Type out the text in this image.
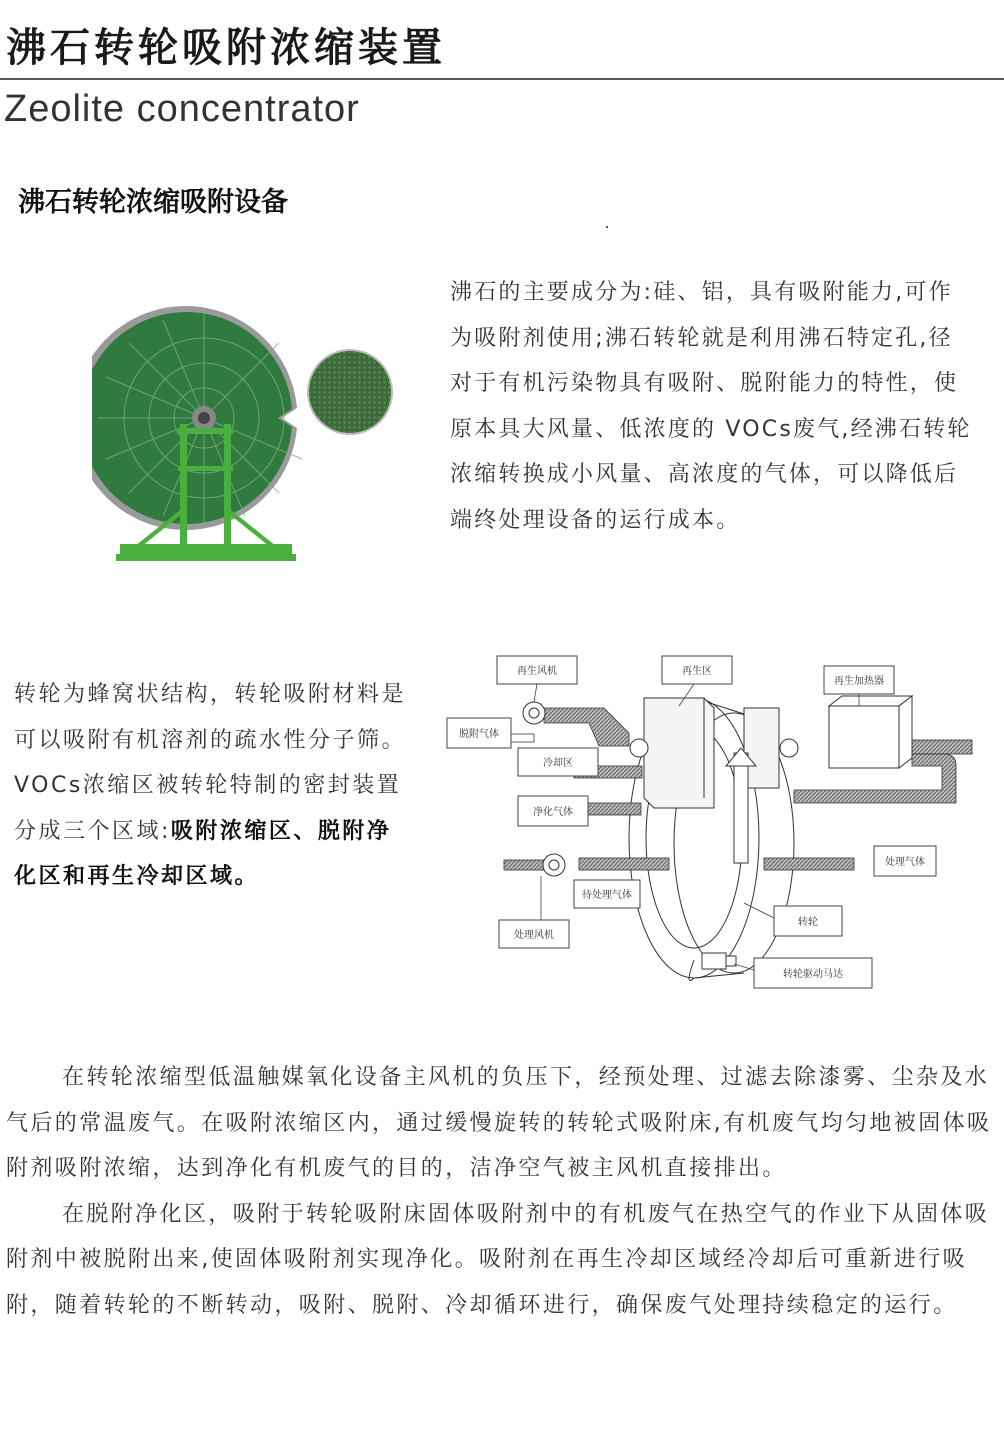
沸石转轮吸附浓缩装置
Zeolite concentrator
沸石转轮浓缩吸附设备

沸石的主要成分为:硅、铝，具有吸附能力,可作为吸附剂使用;沸石转轮就是利用沸石特定孔,径对于有机污染物具有吸附、脱附能力的特性，使原本具大风量、低浓度的 VOCs废气,经沸石转轮浓缩转换成小风量、高浓度的气体，可以降低后端终处理设备的运行成本。

转轮为蜂窝状结构，转轮吸附材料是可以吸附有机溶剂的疏水性分子筛。VOCs浓缩区被转轮特制的密封装置分成三个区域:吸附浓缩区、脱附净化区和再生冷却区域。

再生风机	再生区
再生加热器
脱附气体
冷却区
净化气体
处理气体
待处理气体
处理风机
转轮
转轮驱动马达

在转轮浓缩型低温触媒氧化设备主风机的负压下，经预处理、过滤去除漆雾、尘杂及水气后的常温废气。在吸附浓缩区内，通过缓慢旋转的转轮式吸附床,有机废气均匀地被固体吸附剂吸附浓缩，达到净化有机废气的目的，洁净空气被主风机直接排出。

在脱附净化区，吸附于转轮吸附床固体吸附剂中的有机废气在热空气的作业下从固体吸附剂中被脱附出来,使固体吸附剂实现净化。吸附剂在再生冷却区域经冷却后可重新进行吸附，随着转轮的不断转动，吸附、脱附、冷却循环进行，确保废气处理持续稳定的运行。
